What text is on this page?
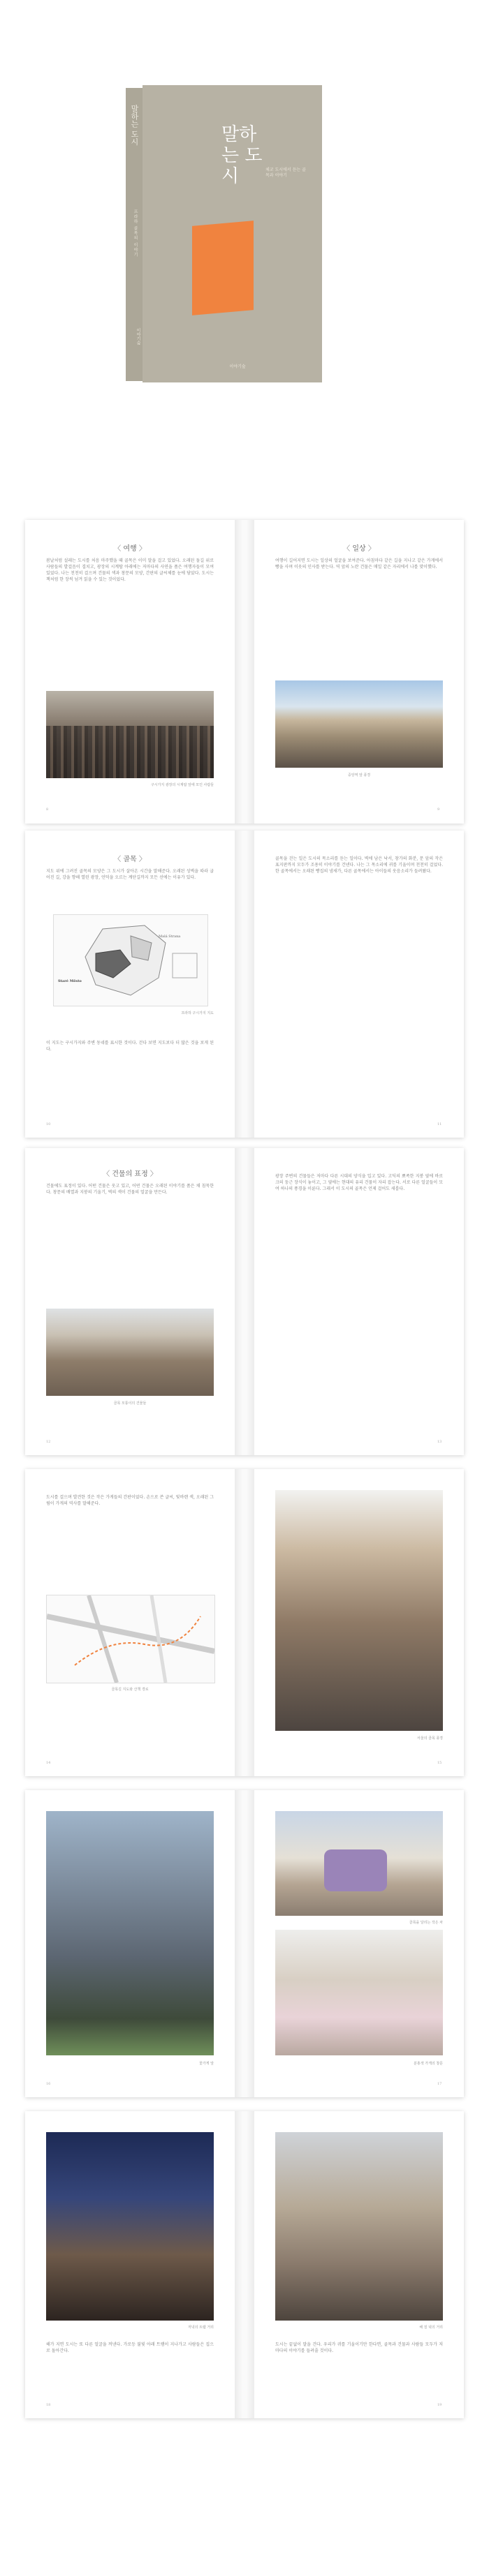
말하는 도시
프라하 골목의 이야기
이야기숲
말하는 도시	체코 도시에서 듣는 골목과 이야기
이야기숲
〈 여행 〉
봄날처럼 설레는 도시를 처음 마주했을 때 골목은 이미 말을 걸고 있었다. 오래된 돌길 위로 사람들의 발걸음이 겹치고, 광장의 시계탑 아래에는 저마다의 사연을 품은 여행자들이 모여 있었다. 나는 천천히 걸으며 건물의 색과 창문의 모양, 간판의 글씨체를 눈에 담았다. 도시는 책처럼 한 장씩 넘겨 읽을 수 있는 것이었다.
구시가지 광장의 시계탑 앞에 모인 사람들
8
〈 일상 〉
여행이 길어지면 도시는 일상의 얼굴을 보여준다. 아침마다 같은 길을 지나고 같은 가게에서 빵을 사며 이웃의 인사를 받는다. 역 앞의 노란 건물은 매일 같은 자리에서 나를 맞이했다.
중앙역 앞 풍경
9
〈 골목 〉
지도 위에 그려진 골목의 모양은 그 도시가 살아온 시간을 말해준다. 오래된 성벽을 따라 굽어진 길, 강을 향해 열린 광장, 언덕을 오르는 계단길까지 모든 선에는 이유가 있다.
Staré Město
Malá Strana
프라하 구시가지 지도
이 지도는 구시가지와 주변 동네를 표시한 것이다. 걷다 보면 지도보다 더 많은 것을 보게 된다.
10
골목을 걷는 일은 도시의 목소리를 듣는 일이다. 벽에 남은 낙서, 창가의 화분, 문 앞의 작은 표지판까지 모두가 조용히 이야기를 건넨다. 나는 그 목소리에 귀를 기울이며 천천히 걸었다. 한 골목에서는 오래된 빵집의 냄새가, 다른 골목에서는 아이들의 웃음소리가 들려왔다.
11
〈 건물의 표정 〉
건물에도 표정이 있다. 어떤 건물은 웃고 있고, 어떤 건물은 오래된 이야기를 품은 채 침묵한다. 창문의 배열과 지붕의 기울기, 벽의 색이 건물의 얼굴을 만든다.
골목 모퉁이의 건물들
12
광장 주변의 건물들은 저마다 다른 시대의 양식을 입고 있다. 고딕의 뾰족한 지붕 옆에 바로크의 둥근 장식이 놓이고, 그 옆에는 현대의 유리 건물이 자리 잡는다. 서로 다른 얼굴들이 모여 하나의 풍경을 이룬다. 그래서 이 도시의 골목은 언제 걸어도 새롭다.
13
도시를 걸으며 발견한 것은 작은 가게들의 간판이었다. 손으로 쓴 글씨, 빛바랜 색, 오래된 그림이 가게의 역사를 말해준다.
골목길 지도와 산책 경로
14
서울의 골목 풍경
15
꽃가게 앞
16
골목을 달리는 작은 차
분홍색 가게의 창문
17
저녁의 트램 거리
해가 지면 도시는 또 다른 얼굴을 꺼낸다. 가로등 불빛 아래 트램이 지나가고 사람들은 집으로 돌아간다.
18
해 질 녘의 거리
도시는 끝없이 말을 건다. 우리가 귀를 기울이기만 한다면, 골목과 건물과 사람들 모두가 저마다의 이야기를 들려줄 것이다.
19
